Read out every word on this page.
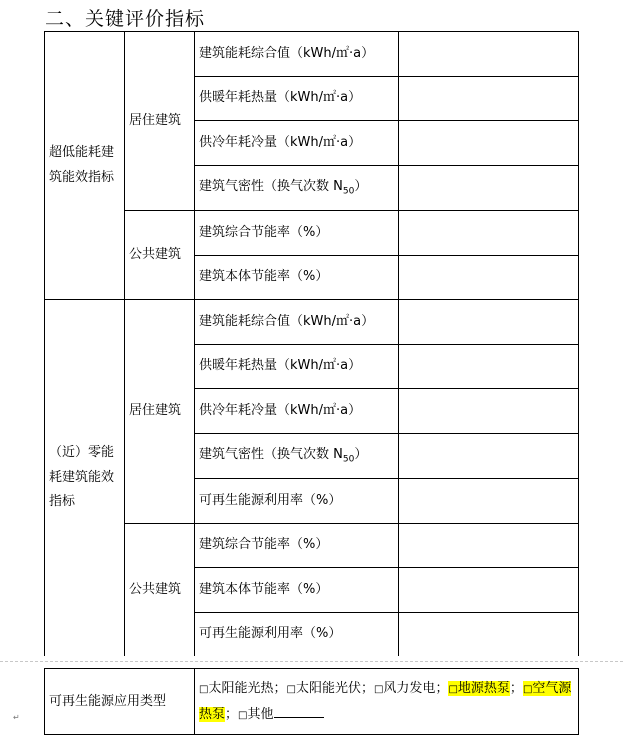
二、关键评价指标
超低能耗建筑能效指标	居住建筑	建筑能耗综合值（kWh/㎡·a）	
		供暖年耗热量（kWh/㎡·a）	
		供冷年耗冷量（kWh/㎡·a）	
		建筑气密性（换气次数 $N_{50}$）	
	公共建筑	建筑综合节能率（%）	
		建筑本体节能率（%）	
（近）零能耗建筑能效指标	居住建筑	建筑能耗综合值（kWh/㎡·a）	
		供暖年耗热量（kWh/㎡·a）	
		供冷年耗冷量（kWh/㎡·a）	
		建筑气密性（换气次数 $N_{50}$）	
		可再生能源利用率（%）	
	公共建筑	建筑综合节能率（%）	
		建筑本体节能率（%）	
		可再生能源利用率（%）	
↵
可再生能源应用类型	□太阳能光热；□太阳能光伏；□风力发电；□地源热泵；□空气源热泵；□其他
